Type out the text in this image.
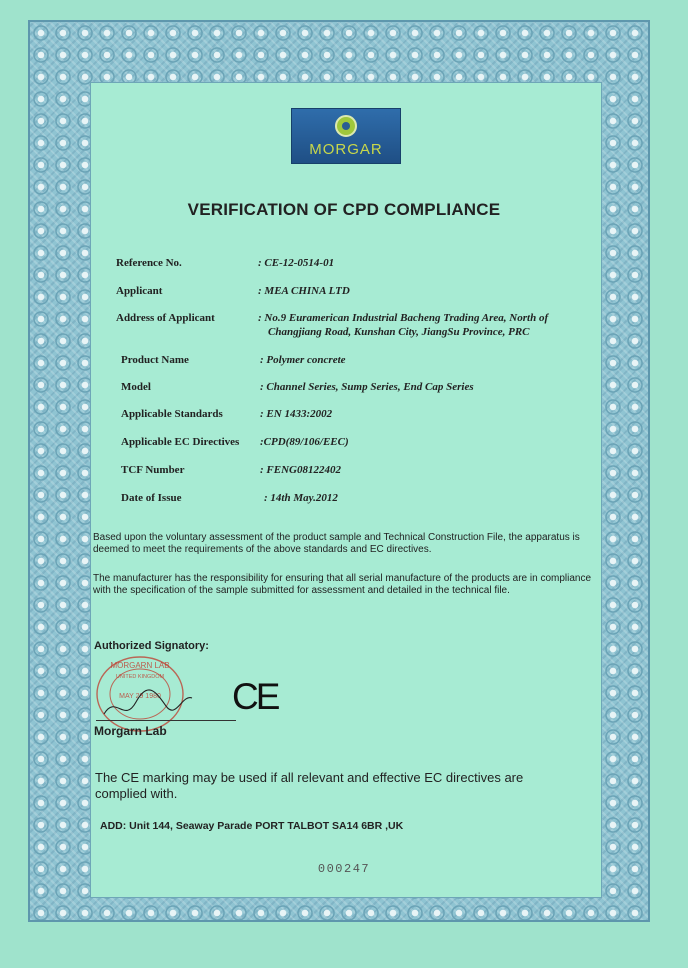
MORGAR
VERIFICATION OF CPD COMPLIANCE
Reference No.	: CE-12-0514-01
Applicant	: MEA CHINA LTD
Address of Applicant	: No.9 Euramerican Industrial Bacheng Trading Area, North of
Changjiang Road, Kunshan City, JiangSu Province, PRC
Product Name	: Polymer concrete
Model	: Channel Series, Sump Series, End Cap Series
Applicable Standards	: EN 1433:2002
Applicable EC Directives :CPD(89/106/EEC)
TCF Number	: FENG08122402
Date of Issue	: 14th May.2012
Based upon the voluntary assessment of the product sample and Technical Construction File, the apparatus is deemed to meet the requirements of the above standards and EC directives.
The manufacturer has the responsibility for ensuring that all serial manufacture of the products are in compliance with the specification of the sample submitted for assessment and detailed in the technical file.
Authorized Signatory:
MORGARN LAB
UNITED KINGDOM
MAY 29 1980
Morgarn Lab
CE
The CE marking may be used if all relevant and effective EC directives are complied with.
ADD: Unit 144, Seaway Parade PORT TALBOT SA14 6BR ,UK
000247
